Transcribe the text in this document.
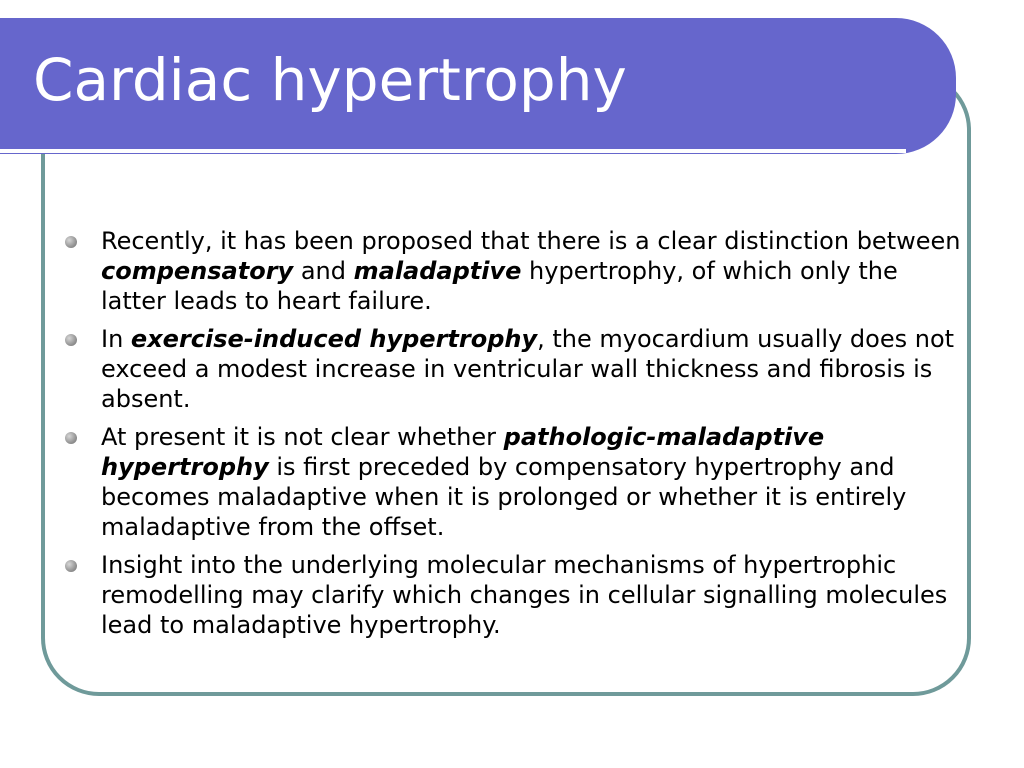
Cardiac hypertrophy
Recently, it has been proposed that there is a clear distinction between compensatory and maladaptive hypertrophy, of which only the latter leads to heart failure.
In exercise-induced hypertrophy, the myocardium usually does not exceed a modest increase in ventricular wall thickness and fibrosis is absent.
At present it is not clear whether pathologic-maladaptive hypertrophy is first preceded by compensatory hypertrophy and becomes maladaptive when it is prolonged or whether it is entirely maladaptive from the offset.
Insight into the underlying molecular mechanisms of hypertrophic remodelling may clarify which changes in cellular signalling molecules lead to maladaptive hypertrophy.
